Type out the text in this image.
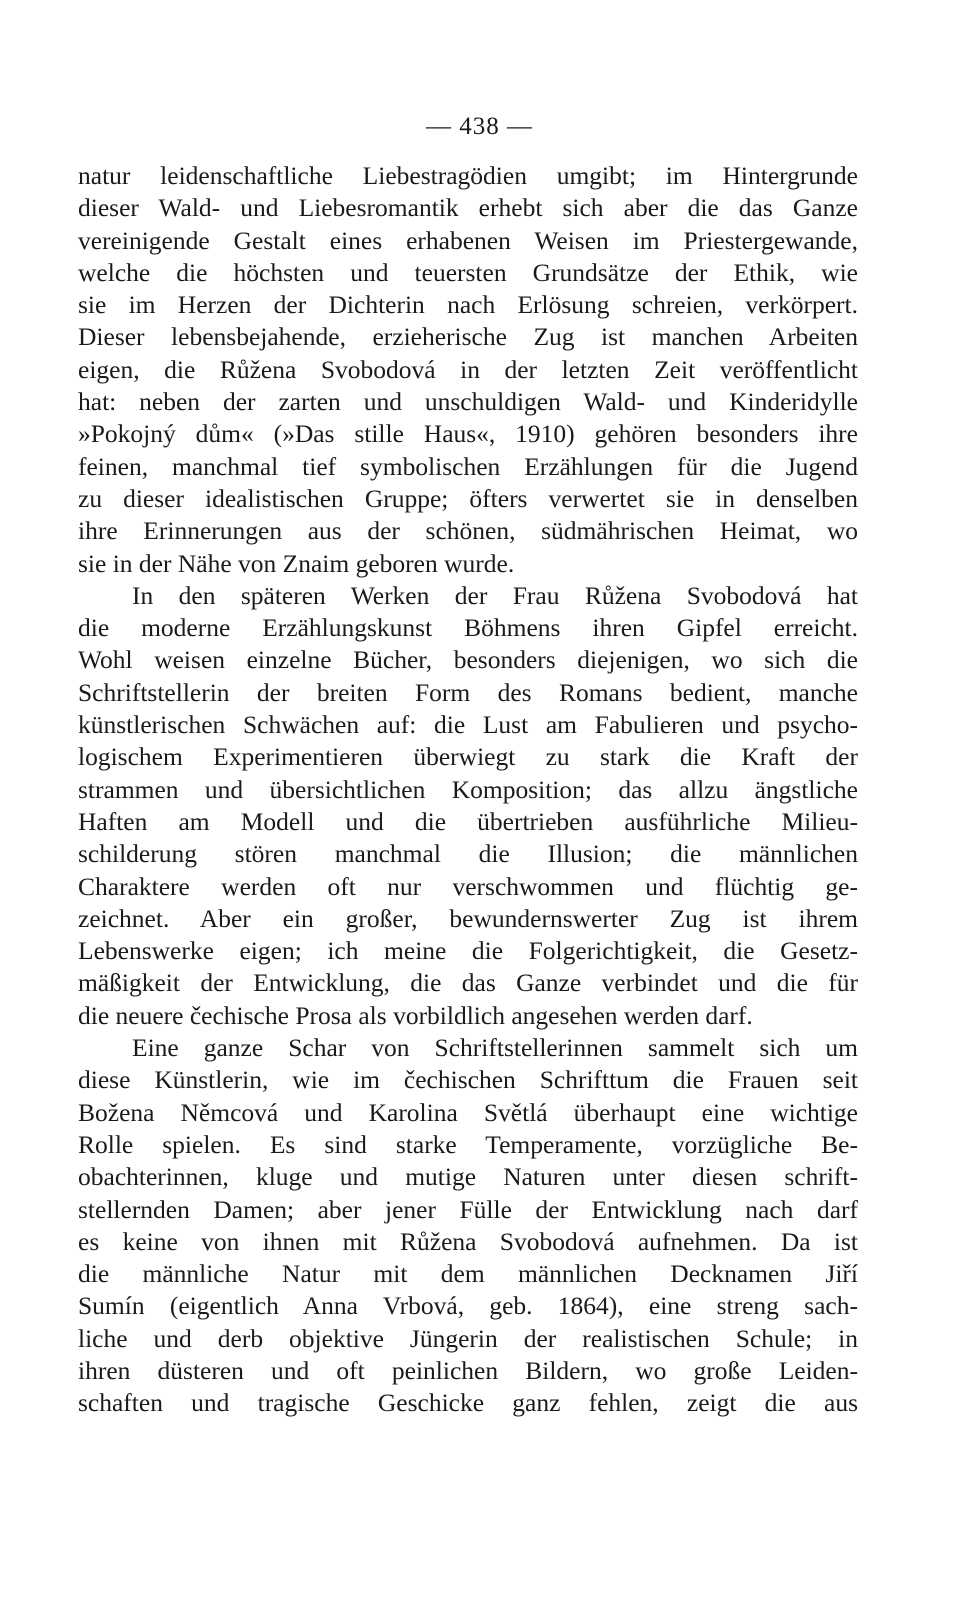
— 438 —
natur leidenschaftliche Liebestragödien umgibt; im Hintergrunde
dieser Wald- und Liebesromantik erhebt sich aber die das Ganze
vereinigende Gestalt eines erhabenen Weisen im Priestergewande,
welche die höchsten und teuersten Grundsätze der Ethik, wie
sie im Herzen der Dichterin nach Erlösung schreien, verkörpert.
Dieser lebensbejahende, erzieherische Zug ist manchen Arbeiten
eigen, die Růžena Svobodová in der letzten Zeit veröffentlicht
hat: neben der zarten und unschuldigen Wald- und Kinderidylle
»Pokojný dům« (»Das stille Haus«, 1910) gehören besonders ihre
feinen, manchmal tief symbolischen Erzählungen für die Jugend
zu dieser idealistischen Gruppe; öfters verwertet sie in denselben
ihre Erinnerungen aus der schönen, südmährischen Heimat, wo
sie in der Nähe von Znaim geboren wurde.
In den späteren Werken der Frau Růžena Svobodová hat
die moderne Erzählungskunst Böhmens ihren Gipfel erreicht.
Wohl weisen einzelne Bücher, besonders diejenigen, wo sich die
Schriftstellerin der breiten Form des Romans bedient, manche
künstlerischen Schwächen auf: die Lust am Fabulieren und psycho-
logischem Experimentieren überwiegt zu stark die Kraft der
strammen und übersichtlichen Komposition; das allzu ängstliche
Haften am Modell und die übertrieben ausführliche Milieu-
schilderung stören manchmal die Illusion; die männlichen
Charaktere werden oft nur verschwommen und flüchtig ge-
zeichnet. Aber ein großer, bewundernswerter Zug ist ihrem
Lebenswerke eigen; ich meine die Folgerichtigkeit, die Gesetz-
mäßigkeit der Entwicklung, die das Ganze verbindet und die für
die neuere čechische Prosa als vorbildlich angesehen werden darf.
Eine ganze Schar von Schriftstellerinnen sammelt sich um
diese Künstlerin, wie im čechischen Schrifttum die Frauen seit
Božena Němcová und Karolina Světlá überhaupt eine wichtige
Rolle spielen. Es sind starke Temperamente, vorzügliche Be-
obachterinnen, kluge und mutige Naturen unter diesen schrift-
stellernden Damen; aber jener Fülle der Entwicklung nach darf
es keine von ihnen mit Růžena Svobodová aufnehmen. Da ist
die männliche Natur mit dem männlichen Decknamen Jiří
Sumín (eigentlich Anna Vrbová, geb. 1864), eine streng sach-
liche und derb objektive Jüngerin der realistischen Schule; in
ihren düsteren und oft peinlichen Bildern, wo große Leiden-
schaften und tragische Geschicke ganz fehlen, zeigt die aus
